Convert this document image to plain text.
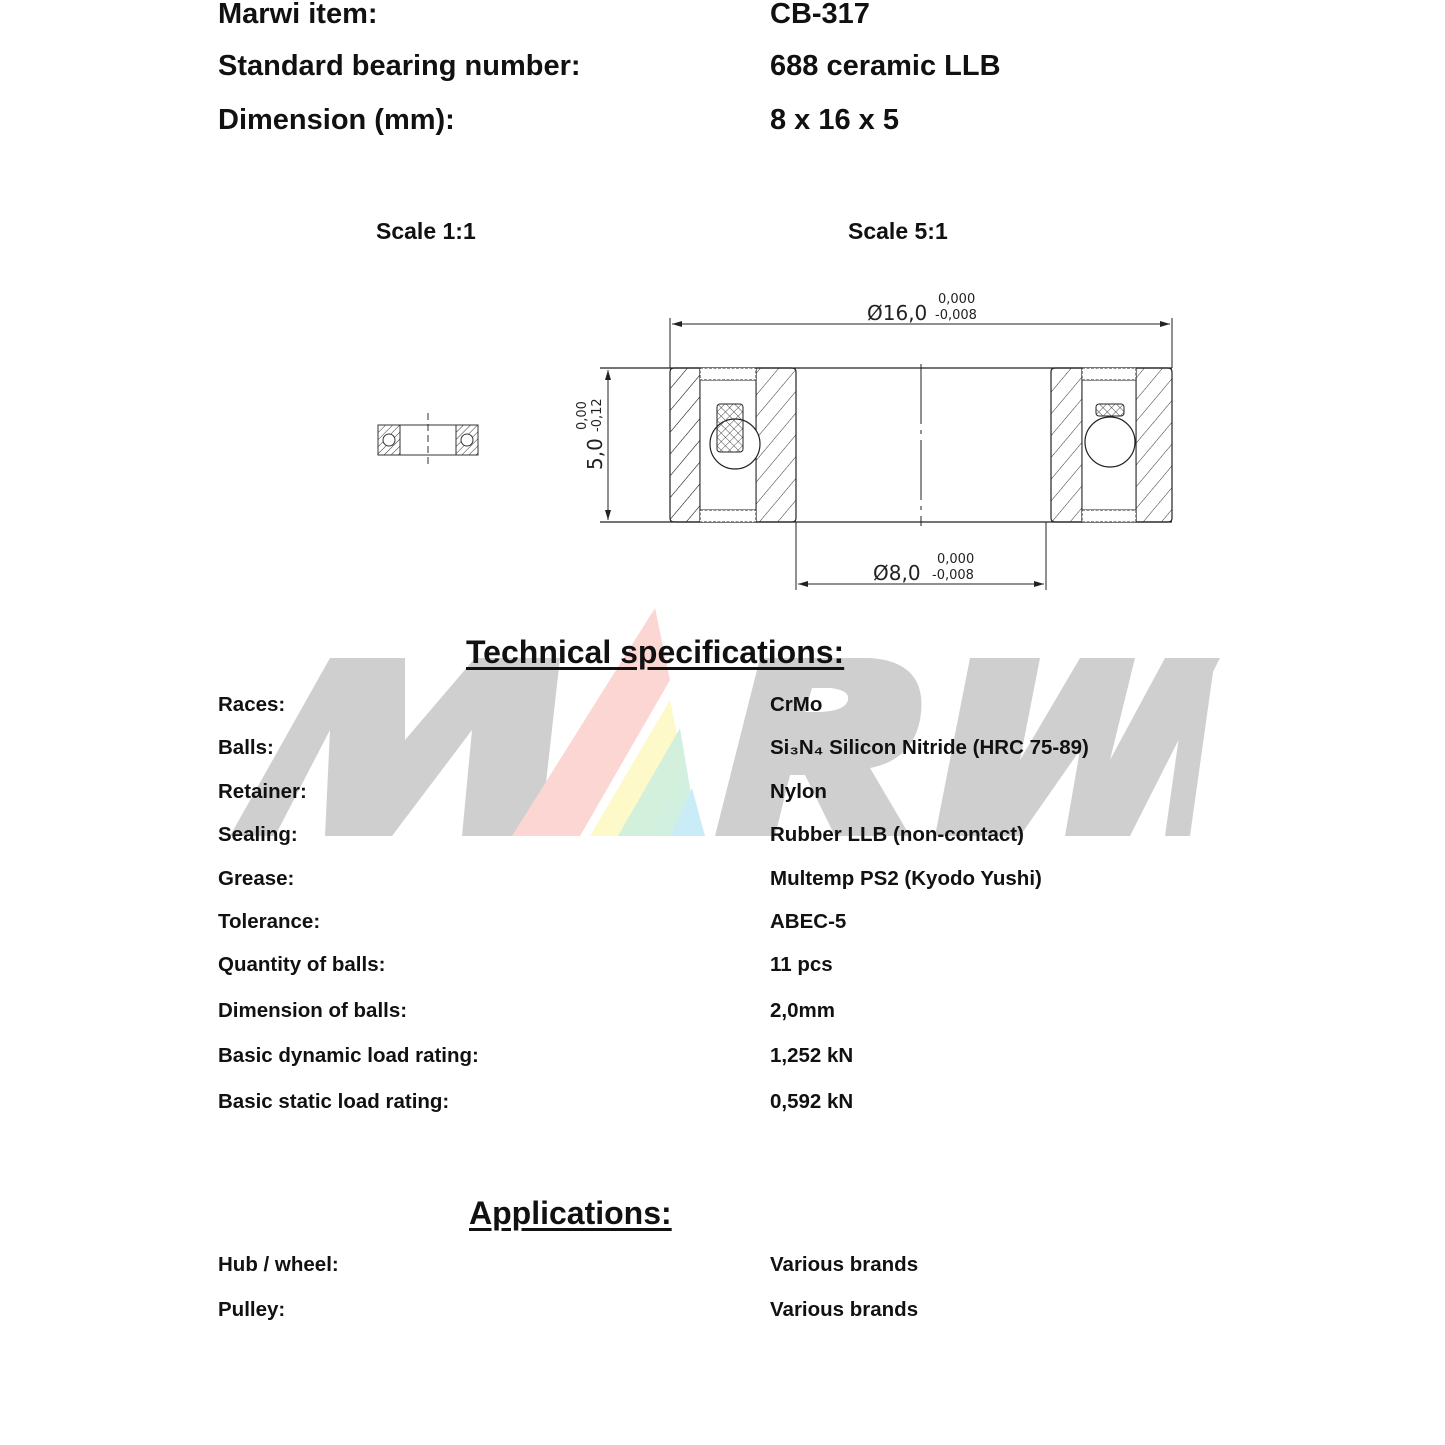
Marwi item:	CB-317
Standard bearing number:	688 ceramic LLB
Dimension (mm):	8 x 16 x 5
Scale 1:1	Scale 5:1
Ø16,0
0,000
-0,008
Ø8,0
0,000
-0,008
5,0
0,00 -0,12
Technical specifications:
Races:	CrMo
Balls:	Si₃N₄ Silicon Nitride (HRC 75-89)
Retainer:	Nylon
Sealing:	Rubber LLB (non-contact)
Grease:	Multemp PS2 (Kyodo Yushi)
Tolerance:	ABEC-5
Quantity of balls:	11 pcs
Dimension of balls:	2,0mm
Basic dynamic load rating:	1,252 kN
Basic static load rating:	0,592 kN
Applications:
Hub / wheel:	Various brands
Pulley:	Various brands
